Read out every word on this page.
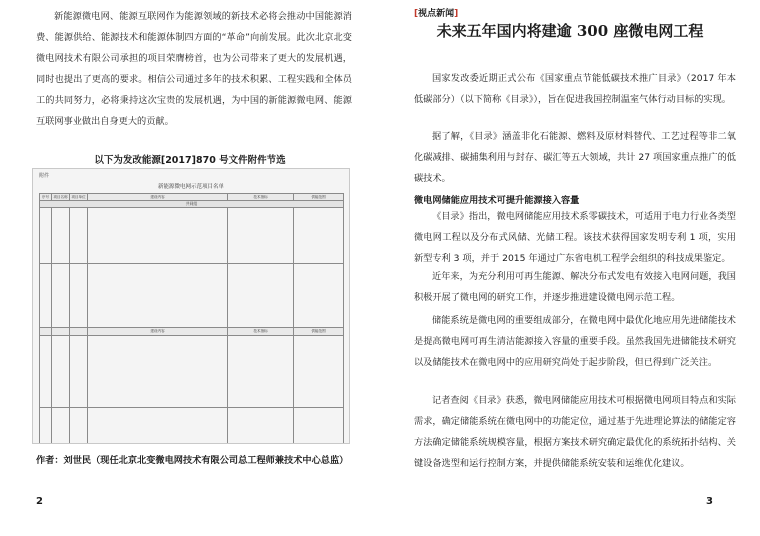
新能源微电网、能源互联网作为能源领域的新技术必将会推动中国能源消费、能源供给、能源技术和能源体制四方面的“革命”向前发展。此次北京北变微电网技术有限公司承担的项目荣膺榜首，也为公司带来了更大的发展机遇，同时也提出了更高的要求。相信公司通过多年的技术积累、工程实践和全体员工的共同努力，必将秉持这次宝贵的发展机遇，为中国的新能源微电网、能源互联网事业做出自身更大的贡献。

以下为发改能源[2017]870 号文件附件节选

附件
新能源微电网示范项目名单
序号	项目名称	项目单位	建设内容	技术指标	供能范围
共同组					

			建设内容	技术指标	供能范围

作者：刘世民（现任北京北变微电网技术有限公司总工程师兼技术中心总监）

2

[视点新闻]

未来五年国内将建逾 300 座微电网工程

国家发改委近期正式公布《国家重点节能低碳技术推广目录》（2017 年本低碳部分）（以下简称《目录》），旨在促进我国控制温室气体行动目标的实现。

据了解，《目录》涵盖非化石能源、燃料及原材料替代、工艺过程等非二氧化碳减排、碳捕集利用与封存、碳汇等五大领域，共计 27 项国家重点推广的低碳技术。

微电网储能应用技术可提升能源接入容量

《目录》指出，微电网储能应用技术系零碳技术，可适用于电力行业各类型微电网工程以及分布式风储、光储工程。该技术获得国家发明专利 1 项，实用新型专利 3 项，并于 2015 年通过广东省电机工程学会组织的科技成果鉴定。

近年来，为充分利用可再生能源、解决分布式发电有效接入电网问题，我国积极开展了微电网的研究工作，并逐步推进建设微电网示范工程。

储能系统是微电网的重要组成部分，在微电网中最优化地应用先进储能技术是提高微电网可再生清洁能源接入容量的重要手段。虽然我国先进储能技术研究以及储能技术在微电网中的应用研究尚处于起步阶段，但已得到广泛关注。

记者查阅《目录》获悉，微电网储能应用技术可根据微电网项目特点和实际需求，确定储能系统在微电网中的功能定位，通过基于先进理论算法的储能定容方法确定储能系统规模容量，根据方案技术研究确定最优化的系统拓扑结构、关键设备选型和运行控制方案，并提供储能系统安装和运维优化建议。

3
